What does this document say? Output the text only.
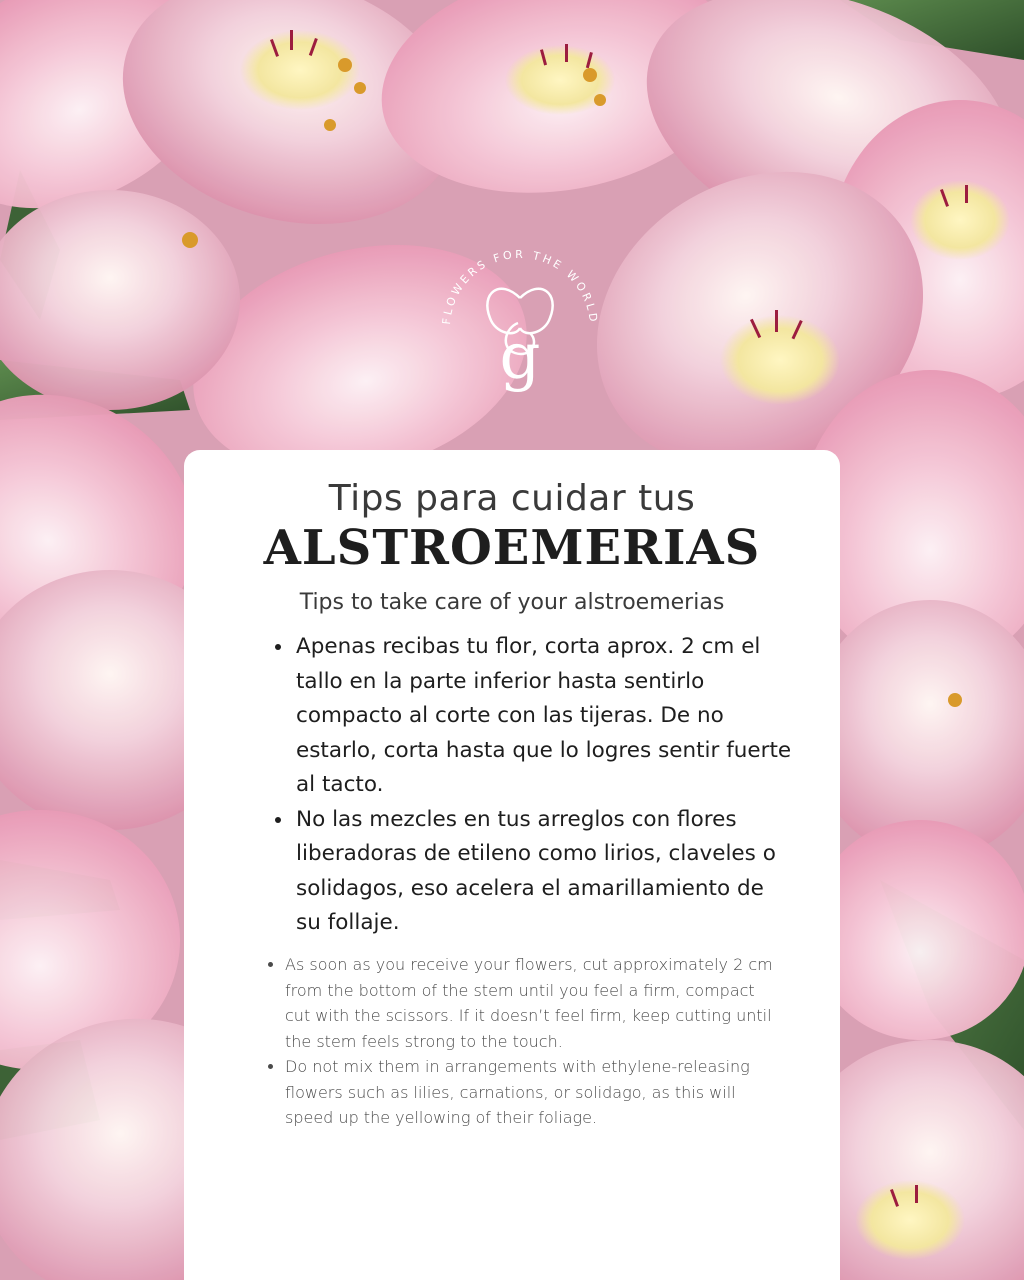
FLOWERS FOR THE WORLD
g
Tips para cuidar tus
ALSTROEMERIAS

Tips to take care of your alstroemerias

• Apenas recibas tu flor, corta aprox. 2 cm el tallo en la parte inferior hasta sentirlo compacto al corte con las tijeras. De no estarlo, corta hasta que lo logres sentir fuerte al tacto.
• No las mezcles en tus arreglos con flores liberadoras de etileno como lirios, claveles o solidagos, eso acelera el amarillamiento de su follaje.
• As soon as you receive your flowers, cut approximately 2 cm from the bottom of the stem until you feel a firm, compact cut with the scissors. If it doesn’t feel firm, keep cutting until the stem feels strong to the touch.
• Do not mix them in arrangements with ethylene-releasing flowers such as lilies, carnations, or solidago, as this will speed up the yellowing of their foliage.
